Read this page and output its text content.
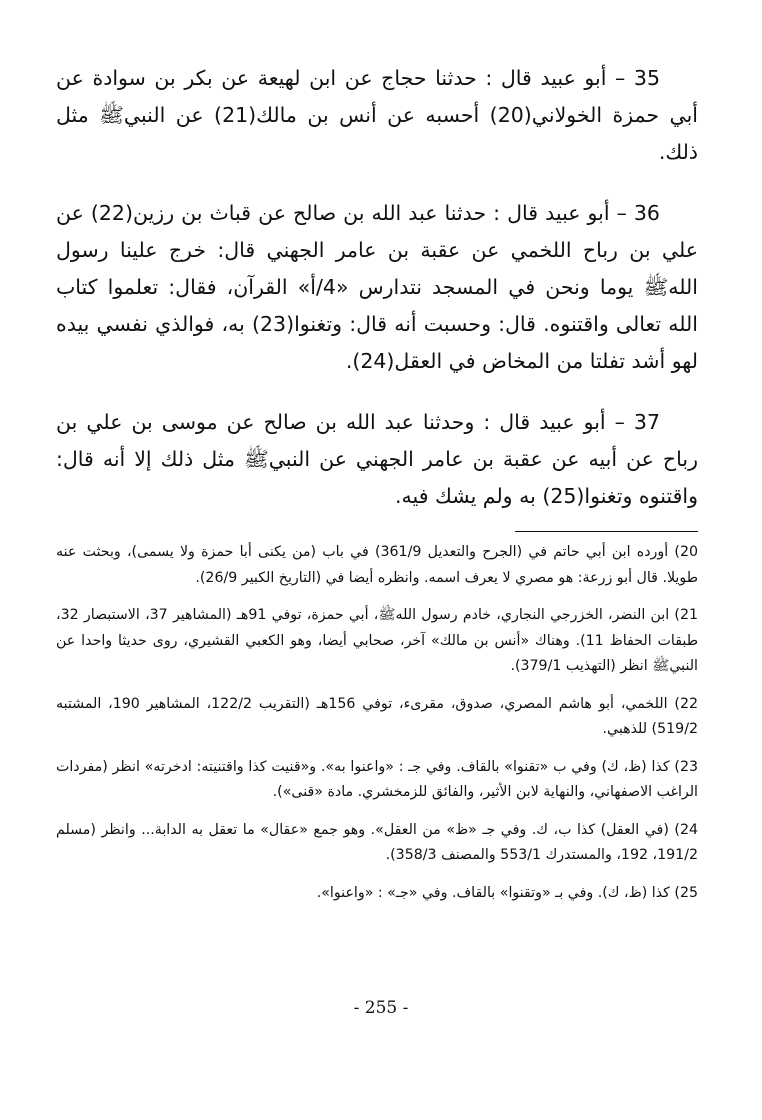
35 – أبو عبيد قال : حدثنا حجاج عن ابن لهيعة عن بكر بن سوادة عن أبي حمزة الخولاني(20) أحسبه عن أنس بن مالك(21) عن النبيﷺ مثل ذلك.

36 – أبو عبيد قال : حدثنا عبد الله بن صالح عن قباث بن رزين(22) عن علي بن رباح اللخمي عن عقبة بن عامر الجهني قال: خرج علينا رسول اللهﷺ يوما ونحن في المسجد نتدارس «4/أ» القرآن، فقال: تعلموا كتاب الله تعالى واقتنوه. قال: وحسبت أنه قال: وتغنوا(23) به، فوالذي نفسي بيده لهو أشد تفلتا من المخاض في العقل(24).

37 – أبو عبيد قال : وحدثنا عبد الله بن صالح عن موسى بن علي بن رباح عن أبيه عن عقبة بن عامر الجهني عن النبيﷺ مثل ذلك إلا أنه قال: واقتنوه وتغنوا(25) به ولم يشك فيه.

20) أورده ابن أبي حاتم في (الجرح والتعديل 361/9) في باب (من يكنى أبا حمزة ولا يسمى)، وبحثت عنه طويلا. قال أبو زرعة: هو مصري لا يعرف اسمه. وانظره أيضا في (التاريخ الكبير 26/9).

21) ابن النضر، الخزرجي النجاري، خادم رسول اللهﷺ، أبي حمزة، توفي 91هـ (المشاهير 37، الاستبصار 32، طبقات الحفاظ 11). وهناك «أنس بن مالك» آخر، صحابي أيضا، وهو الكعبي القشيري، روى حديثا واحدا عن النبيﷺ انظر (التهذيب 379/1).

22) اللخمي، أبو هاشم المصري، صدوق، مقرىء، توفي 156هـ (التقريب 122/2، المشاهير 190، المشتبه 519/2) للذهبي.

23) كذا (ظ، ك) وفي ب «تقنوا» بالقاف. وفي جـ : «واعنوا به». و«قنيت كذا واقتنيته: ادخرته» انظر (مفردات الراغب الاصفهاني، والنهاية لابن الأثير، والفائق للزمخشري. مادة «قنى»).

24) (في العقل) كذا ب، ك. وفي جـ «ظ» من العقل». وهو جمع «عقال» ما تعقل به الدابة... وانظر (مسلم 191/2، 192، والمستدرك 553/1 والمصنف 358/3).

25) كذا (ظ، ك). وفي بـ «وتقنوا» بالقاف. وفي «جـ» : «واعنوا».

- 255 -
